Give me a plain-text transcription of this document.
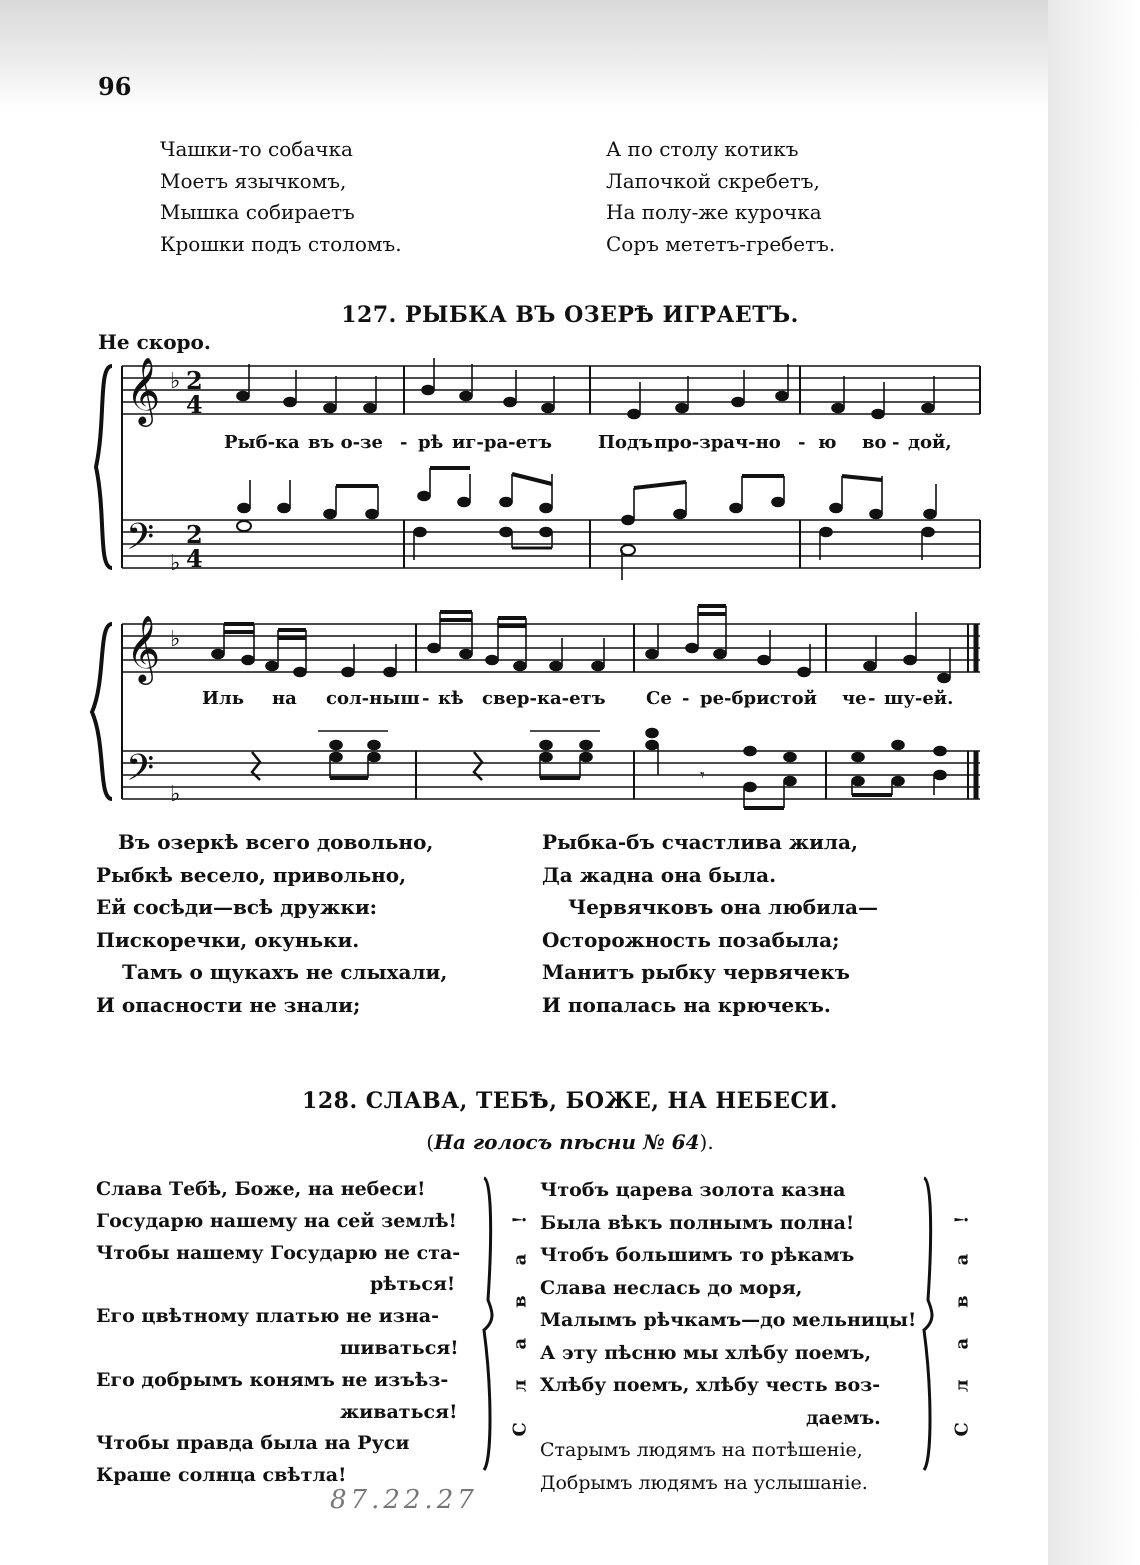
96
Чашки-то собачка
Моетъ язычкомъ,
Мышка собираетъ
Крошки подъ столомъ.
А по столу котикъ
Лапочкой скребетъ,
На полу-же курочка
Соръ мететъ-гребетъ.
127. РЫБКА ВЪ ОЗЕРѢ ИГРАЕТЪ.
Не скоро.
𝄞
𝄢
♭
♭
2
4
2
4
𝄞
𝄢
♭
♭
𝄾
Рыб-ка въ о-зе - рѣ иг-ра-етъ	Подъ про-зрач-но - ю во - дой,
Иль на сол-ныш - кѣ свер-ка-етъ Се - ре-бристой че - шу-ей.
Въ озеркѣ всего довольно,
Рыбкѣ весело, привольно,
Ей сосѣди—всѣ дружки:
Пискоречки, окуньки.
Тамъ о щукахъ не слыхали,
И опасности не знали;
Рыбка-бъ счастлива жила,
Да жадна она была.
Червячковъ она любила—
Осторожность позабыла;
Манитъ рыбку червячекъ
И попалась на крючекъ.
128. СЛАВА, ТЕБѢ, БОЖЕ, НА НЕБЕСИ.
(На голосъ пѣсни № 64).
Слава Тебѣ, Боже, на небеси!
Государю нашему на сей землѣ!
Чтобы нашему Государю не ста-
рѣться!
Его цвѣтному платью не изна-
шиваться!
Его добрымъ конямъ не изъѣз-
живаться!
Чтобы правда была на Руси
Краше солнца свѣтла!
Слава! Чтобъ царева золота казна
Была вѣкъ полнымъ полна!
Чтобъ большимъ то рѣкамъ
Слава неслась до моря,
Малымъ рѣчкамъ—до мельницы!
А эту пѣсню мы хлѣбу поемъ,
Хлѣбу поемъ, хлѣбу честь воз-
даемъ.
Старымъ людямъ на потѣшеніе,
Добрымъ людямъ на услышаніе.
Слава!
87.22.27
